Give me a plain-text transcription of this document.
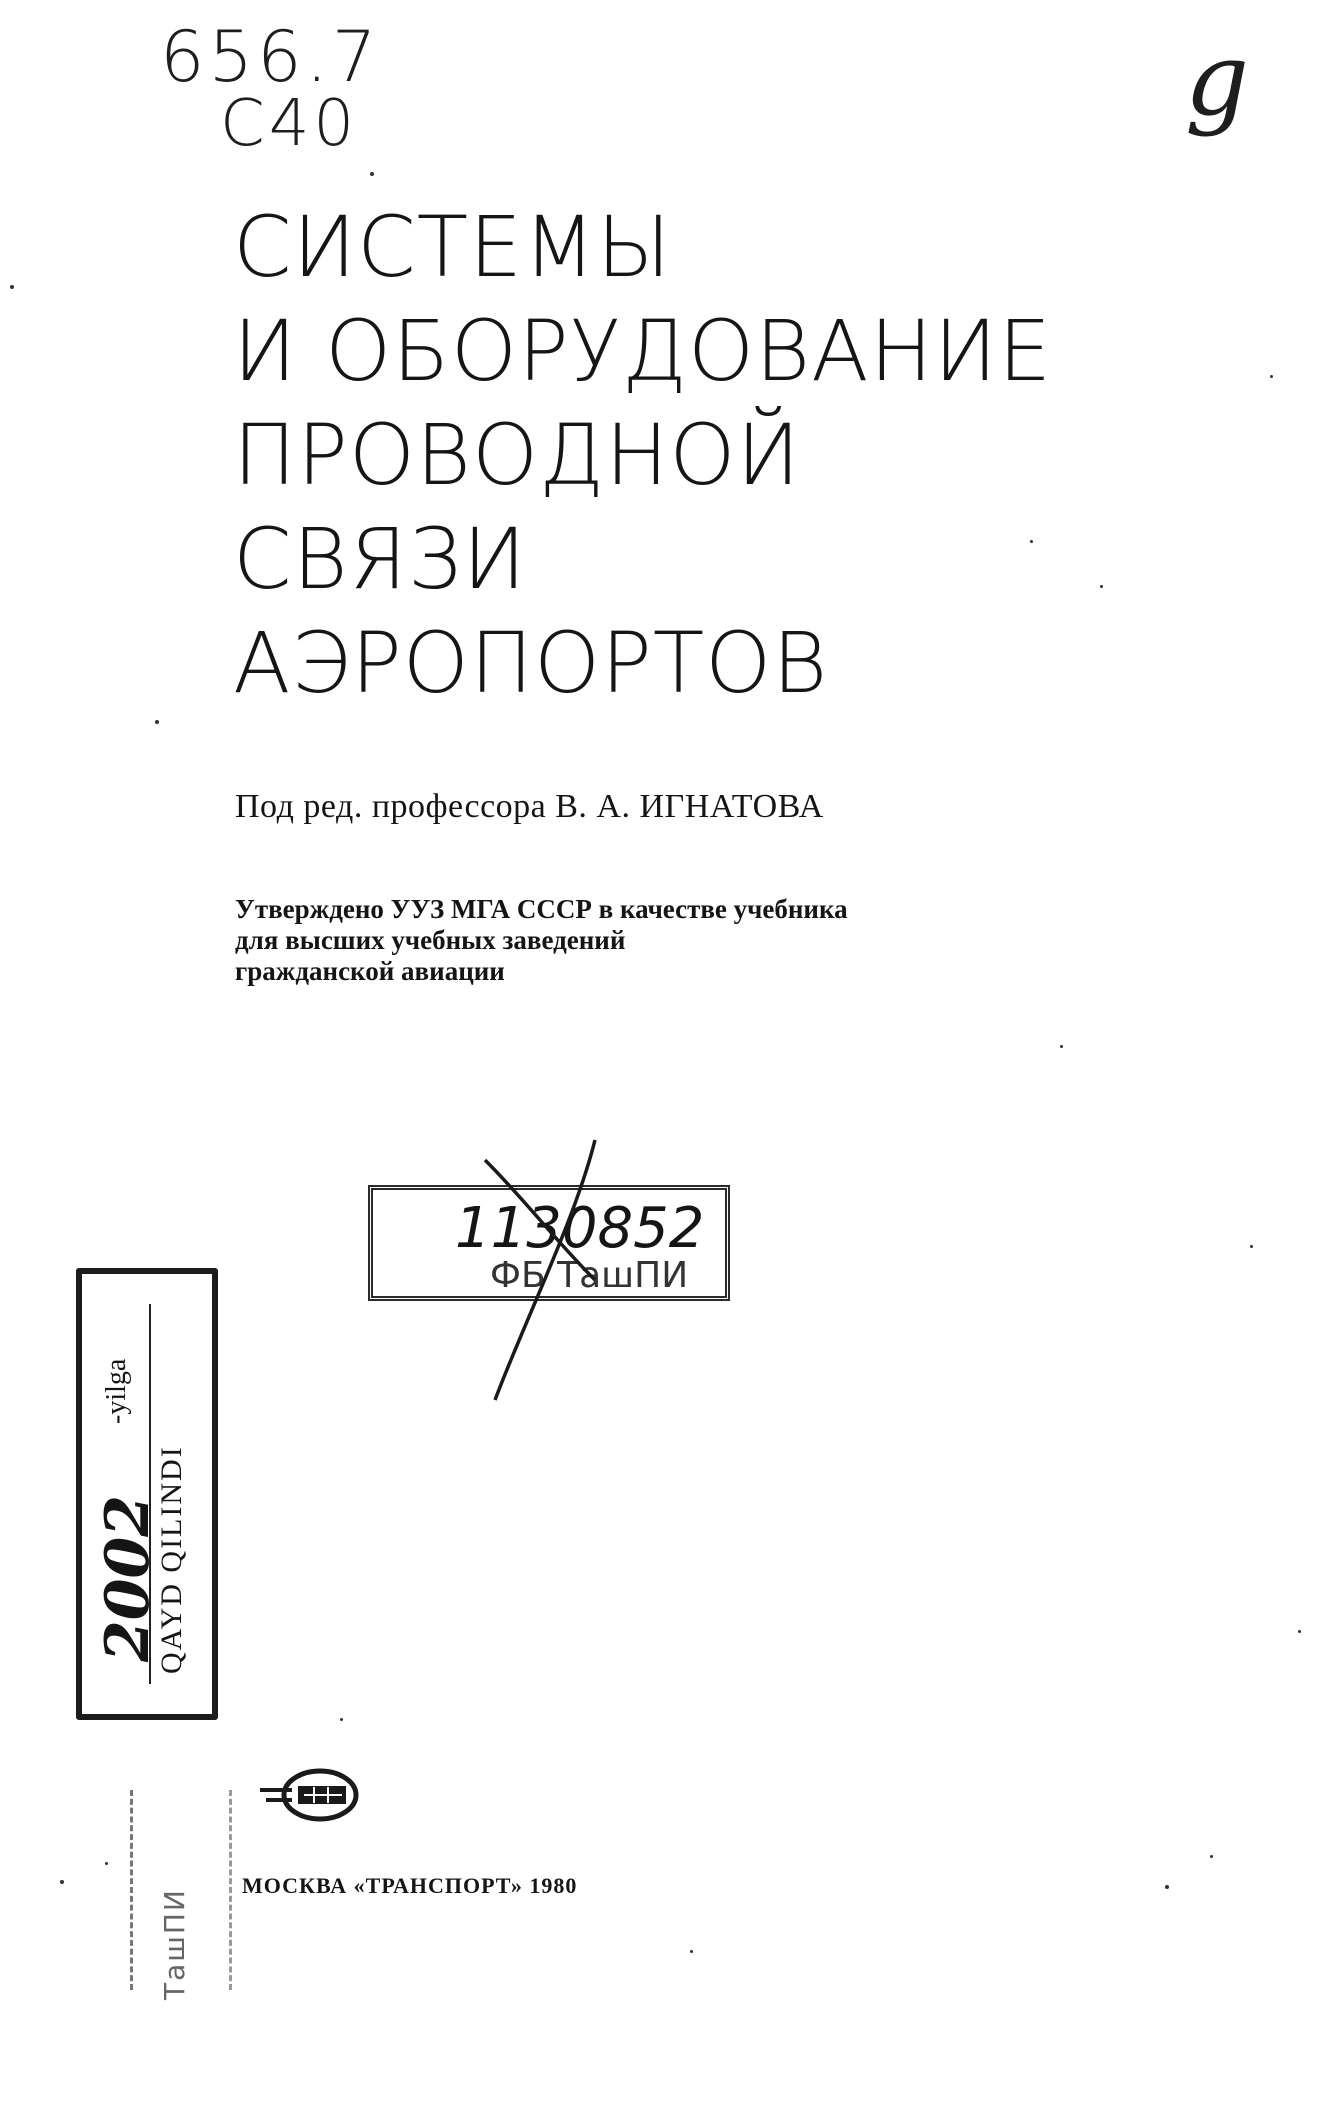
656.7
C40	g
СИСТЕМЫ
И ОБОРУДОВАНИЕ
ПРОВОДНОЙ
СВЯЗИ
АЭРОПОРТОВ
Под ред. профессора В. А. ИГНАТОВА
Утверждено УУЗ МГА СССР в качестве учебника
для высших учебных заведений
гражданской авиации
1130852
ФБ ТашПИ
2002
-yilga
QAYD QILINDI
ТашПИ
МОСКВА «ТРАНСПОРТ» 1980
